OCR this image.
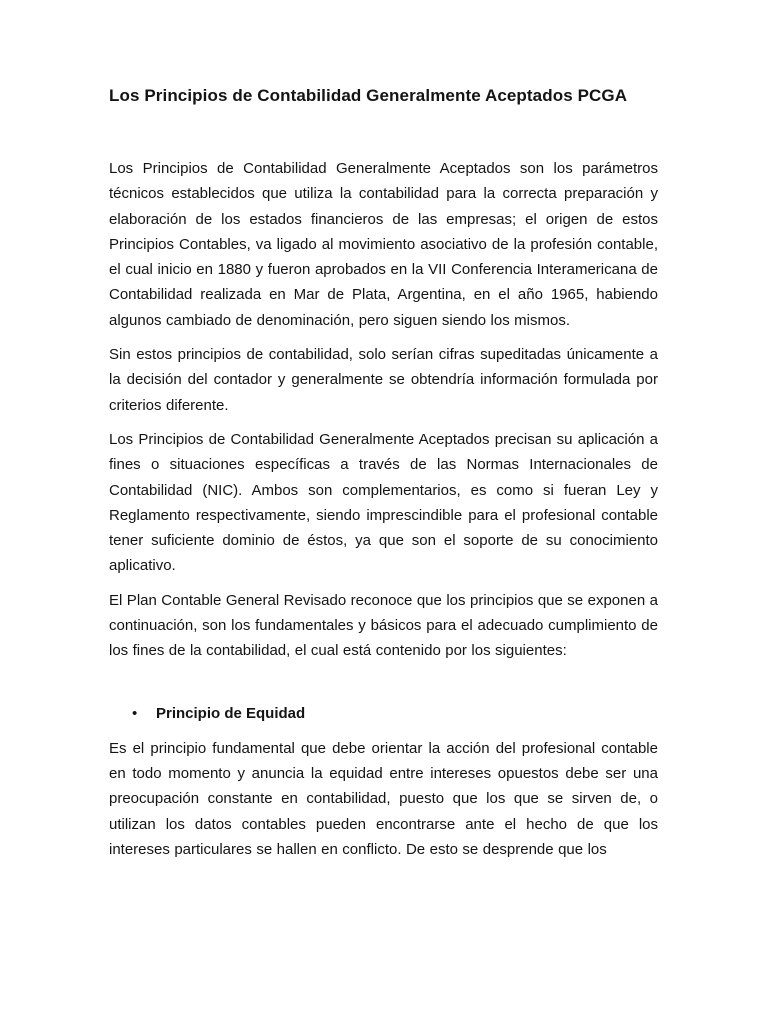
Los Principios de Contabilidad Generalmente Aceptados PCGA

Los Principios de Contabilidad Generalmente Aceptados son los parámetros técnicos establecidos que utiliza la contabilidad para la correcta preparación y elaboración de los estados financieros de las empresas; el origen de estos Principios Contables, va ligado al movimiento asociativo de la profesión contable, el cual inicio en 1880 y fueron aprobados en la VII Conferencia Interamericana de Contabilidad realizada en Mar de Plata, Argentina, en el año 1965, habiendo algunos cambiado de denominación, pero siguen siendo los mismos.

Sin estos principios de contabilidad, solo serían cifras supeditadas únicamente a la decisión del contador y generalmente se obtendría información formulada por criterios diferente.

Los Principios de Contabilidad Generalmente Aceptados precisan su aplicación a fines o situaciones específicas a través de las Normas Internacionales de Contabilidad (NIC). Ambos son complementarios, es como si fueran Ley y Reglamento respectivamente, siendo imprescindible para el profesional contable tener suficiente dominio de éstos, ya que son el soporte de su conocimiento aplicativo.

El Plan Contable General Revisado reconoce que los principios que se exponen a continuación, son los fundamentales y básicos para el adecuado cumplimiento de los fines de la contabilidad, el cual está contenido por los siguientes:

• Principio de Equidad

Es el principio fundamental que debe orientar la acción del profesional contable en todo momento y anuncia la equidad entre intereses opuestos debe ser una preocupación constante en contabilidad, puesto que los que se sirven de, o utilizan los datos contables pueden encontrarse ante el hecho de que los intereses particulares se hallen en conflicto. De esto se desprende que los
